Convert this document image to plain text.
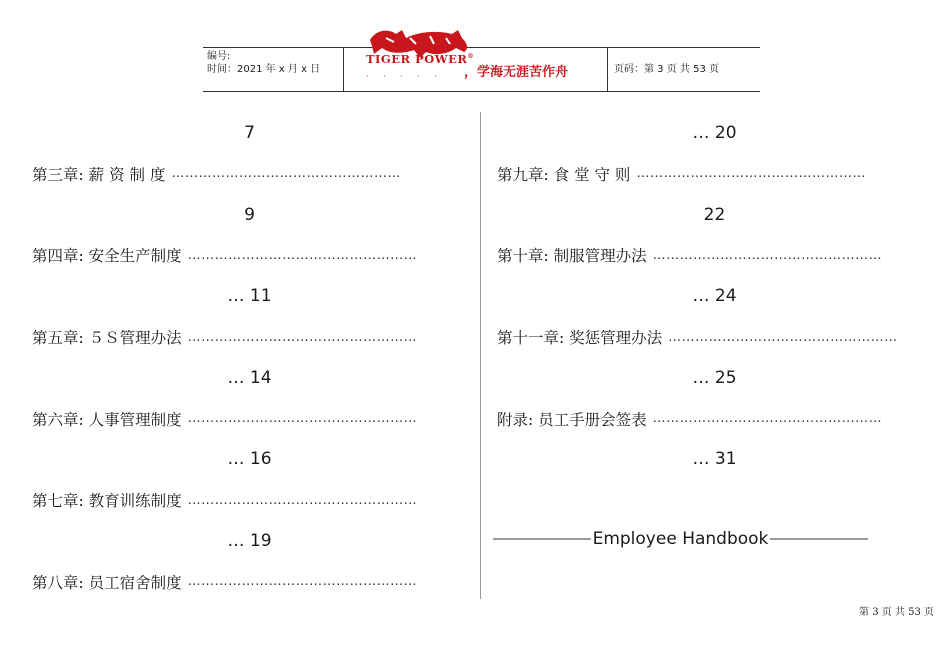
编号:
时间：2021 年 x 月 x 日
TIGER POWER®
· · · · · ，学海无涯苦作舟	页码：第 3 页 共 53 页
7
第三章: 薪 资 制 度 ……………………………………………
9
第四章: 安全生产制度 ……………………………………………
… 11
第五章: ５Ｓ管理办法 ……………………………………………
… 14
第六章: 人事管理制度 ……………………………………………
… 16
第七章: 教育训练制度 ……………………………………………
… 19
第八章: 员工宿舍制度 ……………………………………………
… 20
第九章: 食 堂 守 则 ……………………………………………
22
第十章: 制服管理办法 ……………………………………………
… 24
第十一章: 奖惩管理办法 ……………………………………………
… 25
附录: 员工手册会签表 ……………………………………………
… 31
Employee Handbook
第 3 页 共 53 页
